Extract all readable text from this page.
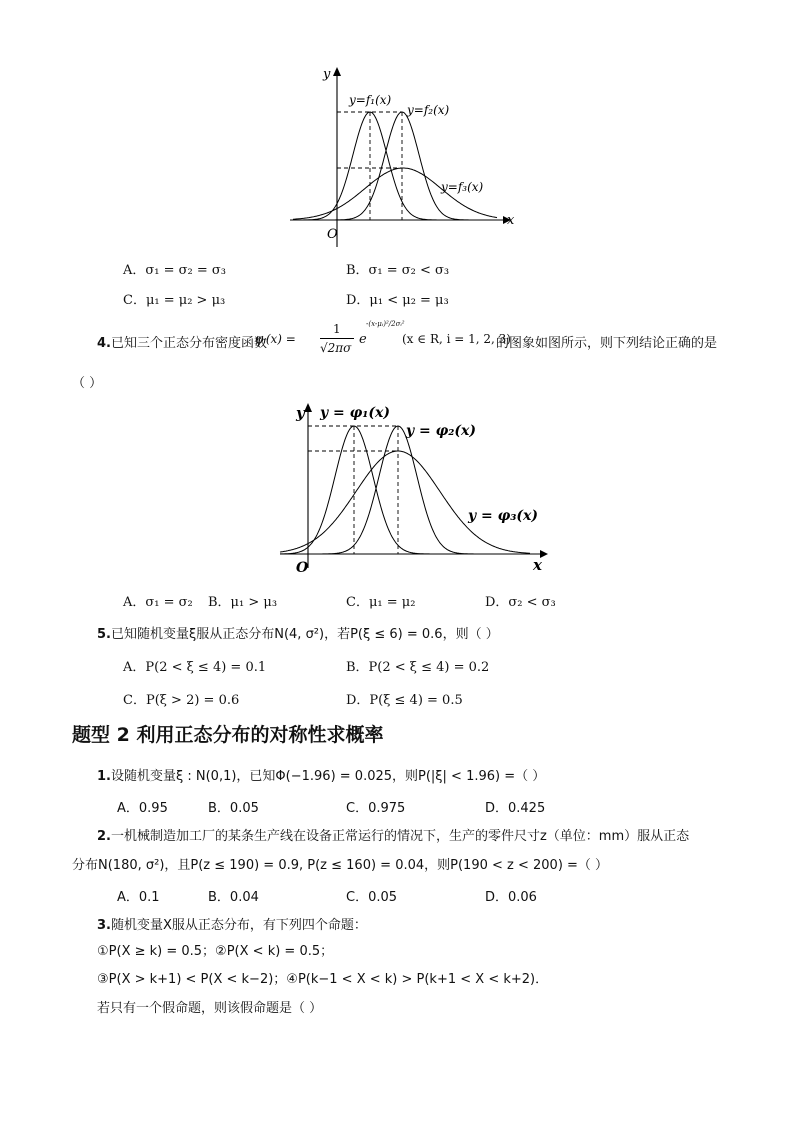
y
x
O
y=f₁(x)
y=f₂(x)
y=f₃(x)
A．σ₁ = σ₂ = σ₃	B．σ₁ = σ₂ < σ₃
C．μ₁ = μ₂ > μ₃	D．μ₁ < μ₂ = μ₃
4.已知三个正态分布密度函数
φᵢ(x) =
1
√2πσ
e
-(x-μᵢ)²/2σᵢ²
(x ∈ R, i = 1, 2, 3)
的图象如图所示，则下列结论正确的是
（ ）
y
x
O
y = φ₁(x)
y = φ₂(x)
y = φ₃(x)
A．σ₁ = σ₂ B．μ₁ > μ₃	C．μ₁ = μ₂	D．σ₂ < σ₃
5.已知随机变量ξ服从正态分布N(4, σ²)，若P(ξ ≤ 6) = 0.6，则（ ）
A．P(2 < ξ ≤ 4) = 0.1	B．P(2 < ξ ≤ 4) = 0.2
C．P(ξ > 2) = 0.6	D．P(ξ ≤ 4) = 0.5
题型 2 利用正态分布的对称性求概率
1.设随机变量ξ : N(0,1)，已知Φ(−1.96) = 0.025，则P(|ξ| < 1.96) =（ ）
A．0.95	B．0.05	C．0.975	D．0.425
2.一机械制造加工厂的某条生产线在设备正常运行的情况下，生产的零件尺寸z（单位：mm）服从正态
分布N(180, σ²)，且P(z ≤ 190) = 0.9, P(z ≤ 160) = 0.04，则P(190 < z < 200) =（ ）
A．0.1	B．0.04	C．0.05	D．0.06
3.随机变量X服从正态分布，有下列四个命题：
①P(X ≥ k) = 0.5；②P(X < k) = 0.5；
③P(X > k+1) < P(X < k−2)；④P(k−1 < X < k) > P(k+1 < X < k+2)．
若只有一个假命题，则该假命题是（ ）
